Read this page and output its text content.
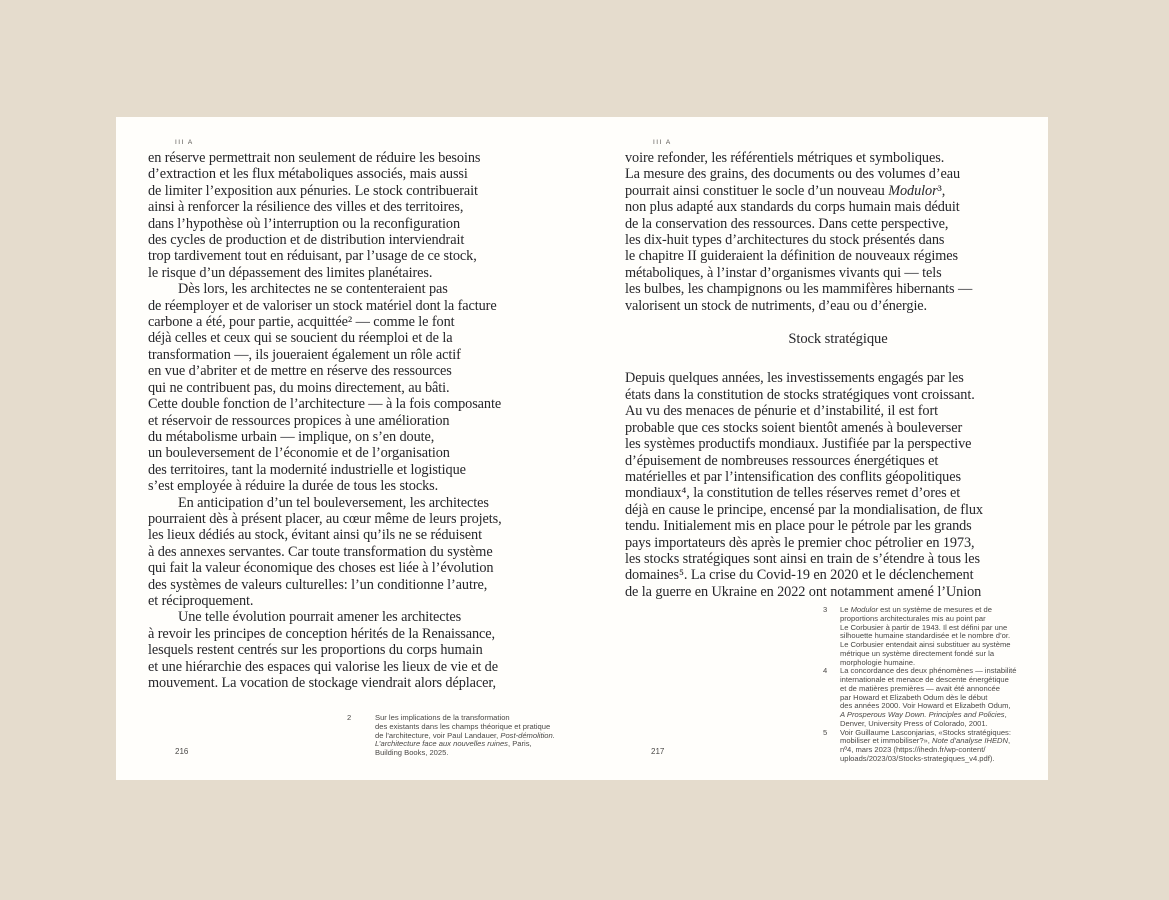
III A
en réserve permettrait non seulement de réduire les besoins
d’extraction et les flux métaboliques associés, mais aussi
de limiter l’exposition aux pénuries. Le stock contribuerait
ainsi à renforcer la résilience des villes et des territoires,
dans l’hypothèse où l’interruption ou la reconfiguration
des cycles de production et de distribution interviendrait
trop tardivement tout en réduisant, par l’usage de ce stock,
le risque d’un dépassement des limites planétaires.
Dès lors, les architectes ne se contenteraient pas
de réemployer et de valoriser un stock matériel dont la facture
carbone a été, pour partie, acquittée² — comme le font
déjà celles et ceux qui se soucient du réemploi et de la
transformation —, ils joueraient également un rôle actif
en vue d’abriter et de mettre en réserve des ressources
qui ne contribuent pas, du moins directement, au bâti.
Cette double fonction de l’architecture — à la fois composante
et réservoir de ressources propices à une amélioration
du métabolisme urbain — implique, on s’en doute,
un bouleversement de l’économie et de l’organisation
des territoires, tant la modernité industrielle et logistique
s’est employée à réduire la durée de tous les stocks.
En anticipation d’un tel bouleversement, les architectes
pourraient dès à présent placer, au cœur même de leurs projets,
les lieux dédiés au stock, évitant ainsi qu’ils ne se réduisent
à des annexes servantes. Car toute transformation du système
qui fait la valeur économique des choses est liée à l’évolution
des systèmes de valeurs culturelles: l’un conditionne l’autre,
et réciproquement.
Une telle évolution pourrait amener les architectes
à revoir les principes de conception hérités de la Renaissance,
lesquels restent centrés sur les proportions du corps humain
et une hiérarchie des espaces qui valorise les lieux de vie et de
mouvement. La vocation de stockage viendrait alors déplacer,
2	Sur les implications de la transformation
des existants dans les champs théorique et pratique
de l’architecture, voir Paul Landauer, Post-démolition.
L’architecture face aux nouvelles ruines, Paris,
Building Books, 2025.
216
III A
voire refonder, les référentiels métriques et symboliques.
La mesure des grains, des documents ou des volumes d’eau
pourrait ainsi constituer le socle d’un nouveau Modulor³,
non plus adapté aux standards du corps humain mais déduit
de la conservation des ressources. Dans cette perspective,
les dix-huit types d’architectures du stock présentés dans
le chapitre II guideraient la définition de nouveaux régimes
métaboliques, à l’instar d’organismes vivants qui — tels
les bulbes, les champignons ou les mammifères hibernants —
valorisent un stock de nutriments, d’eau ou d’énergie.
Stock stratégique
Depuis quelques années, les investissements engagés par les
états dans la constitution de stocks stratégiques vont croissant.
Au vu des menaces de pénurie et d’instabilité, il est fort
probable que ces stocks soient bientôt amenés à bouleverser
les systèmes productifs mondiaux. Justifiée par la perspective
d’épuisement de nombreuses ressources énergétiques et
matérielles et par l’intensification des conflits géopolitiques
mondiaux⁴, la constitution de telles réserves remet d’ores et
déjà en cause le principe, encensé par la mondialisation, de flux
tendu. Initialement mis en place pour le pétrole par les grands
pays importateurs dès après le premier choc pétrolier en 1973,
les stocks stratégiques sont ainsi en train de s’étendre à tous les
domaines⁵. La crise du Covid-19 en 2020 et le déclenchement
de la guerre en Ukraine en 2022 ont notamment amené l’Union
3	Le Modulor est un système de mesures et de
proportions architecturales mis au point par
Le Corbusier à partir de 1943. Il est défini par une
silhouette humaine standardisée et le nombre d’or.
Le Corbusier entendait ainsi substituer au système
métrique un système directement fondé sur la
morphologie humaine.
4	La concordance des deux phénomènes — instabilité
internationale et menace de descente énergétique
et de matières premières — avait été annoncée
par Howard et Elizabeth Odum dès le début
des années 2000. Voir Howard et Elizabeth Odum,
A Prosperous Way Down. Principles and Policies,
Denver, University Press of Colorado, 2001.
5	Voir Guillaume Lasconjarias, «Stocks stratégiques:
mobiliser et immobiliser?», Note d’analyse IHEDN,
nº4, mars 2023 (https://ihedn.fr/wp-content/
uploads/2023/03/Stocks-strategiques_v4.pdf).
217
